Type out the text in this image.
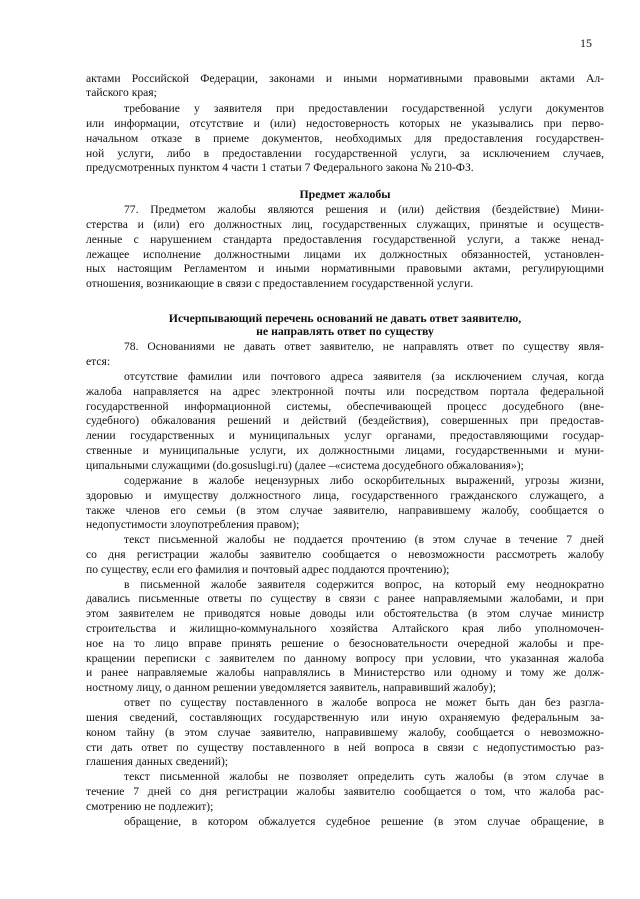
15
актами Российской Федерации, законами и иными нормативными правовыми актами Ал-
тайского края;
требование у заявителя при предоставлении государственной услуги документов
или информации, отсутствие и (или) недостоверность которых не указывались при перво-
начальном отказе в приеме документов, необходимых для предоставления государствен-
ной услуги, либо в предоставлении государственной услуги, за исключением случаев,
предусмотренных пунктом 4 части 1 статьи 7 Федерального закона № 210-ФЗ.
Предмет жалобы
77. Предметом жалобы являются решения и (или) действия (бездействие) Мини-
стерства и (или) его должностных лиц, государственных служащих, принятые и осуществ-
ленные с нарушением стандарта предоставления государственной услуги, а также ненад-
лежащее исполнение должностными лицами их должностных обязанностей, установлен-
ных настоящим Регламентом и иными нормативными правовыми актами, регулирующими
отношения, возникающие в связи с предоставлением государственной услуги.
Исчерпывающий перечень оснований не давать ответ заявителю,
не направлять ответ по существу
78. Основаниями не давать ответ заявителю, не направлять ответ по существу явля-
ется:
отсутствие фамилии или почтового адреса заявителя (за исключением случая, когда
жалоба направляется на адрес электронной почты или посредством портала федеральной
государственной информационной системы, обеспечивающей процесс досудебного (вне-
судебного) обжалования решений и действий (бездействия), совершенных при предостав-
лении государственных и муниципальных услуг органами, предоставляющими государ-
ственные и муниципальные услуги, их должностными лицами, государственными и муни-
ципальными служащими (do.gosuslugi.ru) (далее –«система досудебного обжалования»);
содержание в жалобе нецензурных либо оскорбительных выражений, угрозы жизни,
здоровью и имуществу должностного лица, государственного гражданского служащего, а
также членов его семьи (в этом случае заявителю, направившему жалобу, сообщается о
недопустимости злоупотребления правом);
текст письменной жалобы не поддается прочтению (в этом случае в течение 7 дней
со дня регистрации жалобы заявителю сообщается о невозможности рассмотреть жалобу
по существу, если его фамилия и почтовый адрес поддаются прочтению);
в письменной жалобе заявителя содержится вопрос, на который ему неоднократно
давались письменные ответы по существу в связи с ранее направляемыми жалобами, и при
этом заявителем не приводятся новые доводы или обстоятельства (в этом случае министр
строительства и жилищно-коммунального хозяйства Алтайского края либо уполномочен-
ное на то лицо вправе принять решение о безосновательности очередной жалобы и пре-
кращении переписки с заявителем по данному вопросу при условии, что указанная жалоба
и ранее направляемые жалобы направлялись в Министерство или одному и тому же долж-
ностному лицу, о данном решении уведомляется заявитель, направивший жалобу);
ответ по существу поставленного в жалобе вопроса не может быть дан без разгла-
шения сведений, составляющих государственную или иную охраняемую федеральным за-
коном тайну (в этом случае заявителю, направившему жалобу, сообщается о невозможно-
сти дать ответ по существу поставленного в ней вопроса в связи с недопустимостью раз-
глашения данных сведений);
текст письменной жалобы не позволяет определить суть жалобы (в этом случае в
течение 7 дней со дня регистрации жалобы заявителю сообщается о том, что жалоба рас-
смотрению не подлежит);
обращение, в котором обжалуется судебное решение (в этом случае обращение, в
